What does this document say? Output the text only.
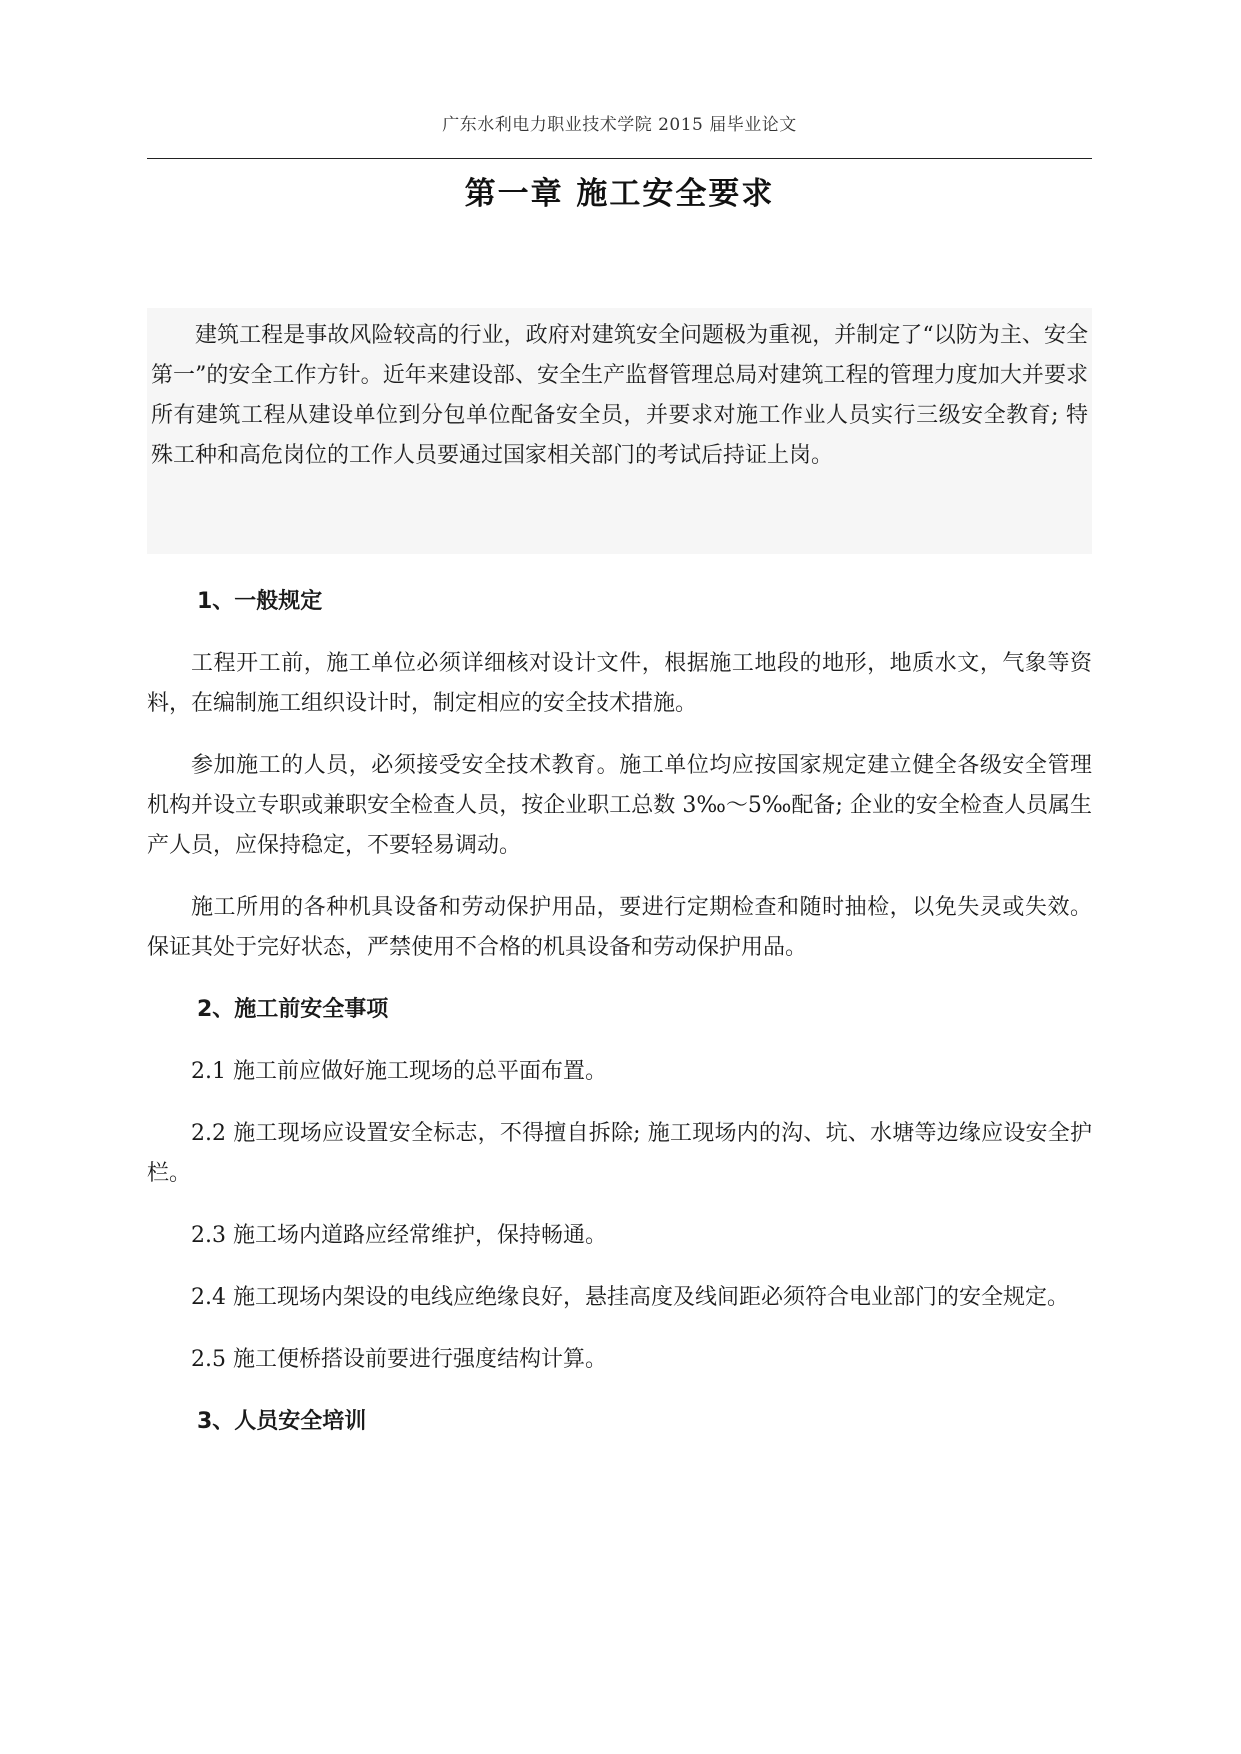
广东水利电力职业技术学院 2015 届毕业论文
第一章 施工安全要求

建筑工程是事故风险较高的行业，政府对建筑安全问题极为重视，并制定了“以防为主、安全第一”的安全工作方针。近年来建设部、安全生产监督管理总局对建筑工程的管理力度加大并要求所有建筑工程从建设单位到分包单位配备安全员，并要求对施工作业人员实行三级安全教育; 特殊工种和高危岗位的工作人员要通过国家相关部门的考试后持证上岗。

1、一般规定

工程开工前，施工单位必须详细核对设计文件，根据施工地段的地形，地质水文，气象等资料，在编制施工组织设计时，制定相应的安全技术措施。

参加施工的人员，必须接受安全技术教育。施工单位均应按国家规定建立健全各级安全管理机构并设立专职或兼职安全检查人员，按企业职工总数 3‰～5‰配备; 企业的安全检查人员属生产人员，应保持稳定，不要轻易调动。

施工所用的各种机具设备和劳动保护用品，要进行定期检查和随时抽检，以免失灵或失效。保证其处于完好状态，严禁使用不合格的机具设备和劳动保护用品。

2、施工前安全事项

2.1 施工前应做好施工现场的总平面布置。

2.2 施工现场应设置安全标志，不得擅自拆除; 施工现场内的沟、坑、水塘等边缘应设安全护栏。

2.3 施工场内道路应经常维护，保持畅通。

2.4 施工现场内架设的电线应绝缘良好，悬挂高度及线间距必须符合电业部门的安全规定。

2.5 施工便桥搭设前要进行强度结构计算。

3、人员安全培训
